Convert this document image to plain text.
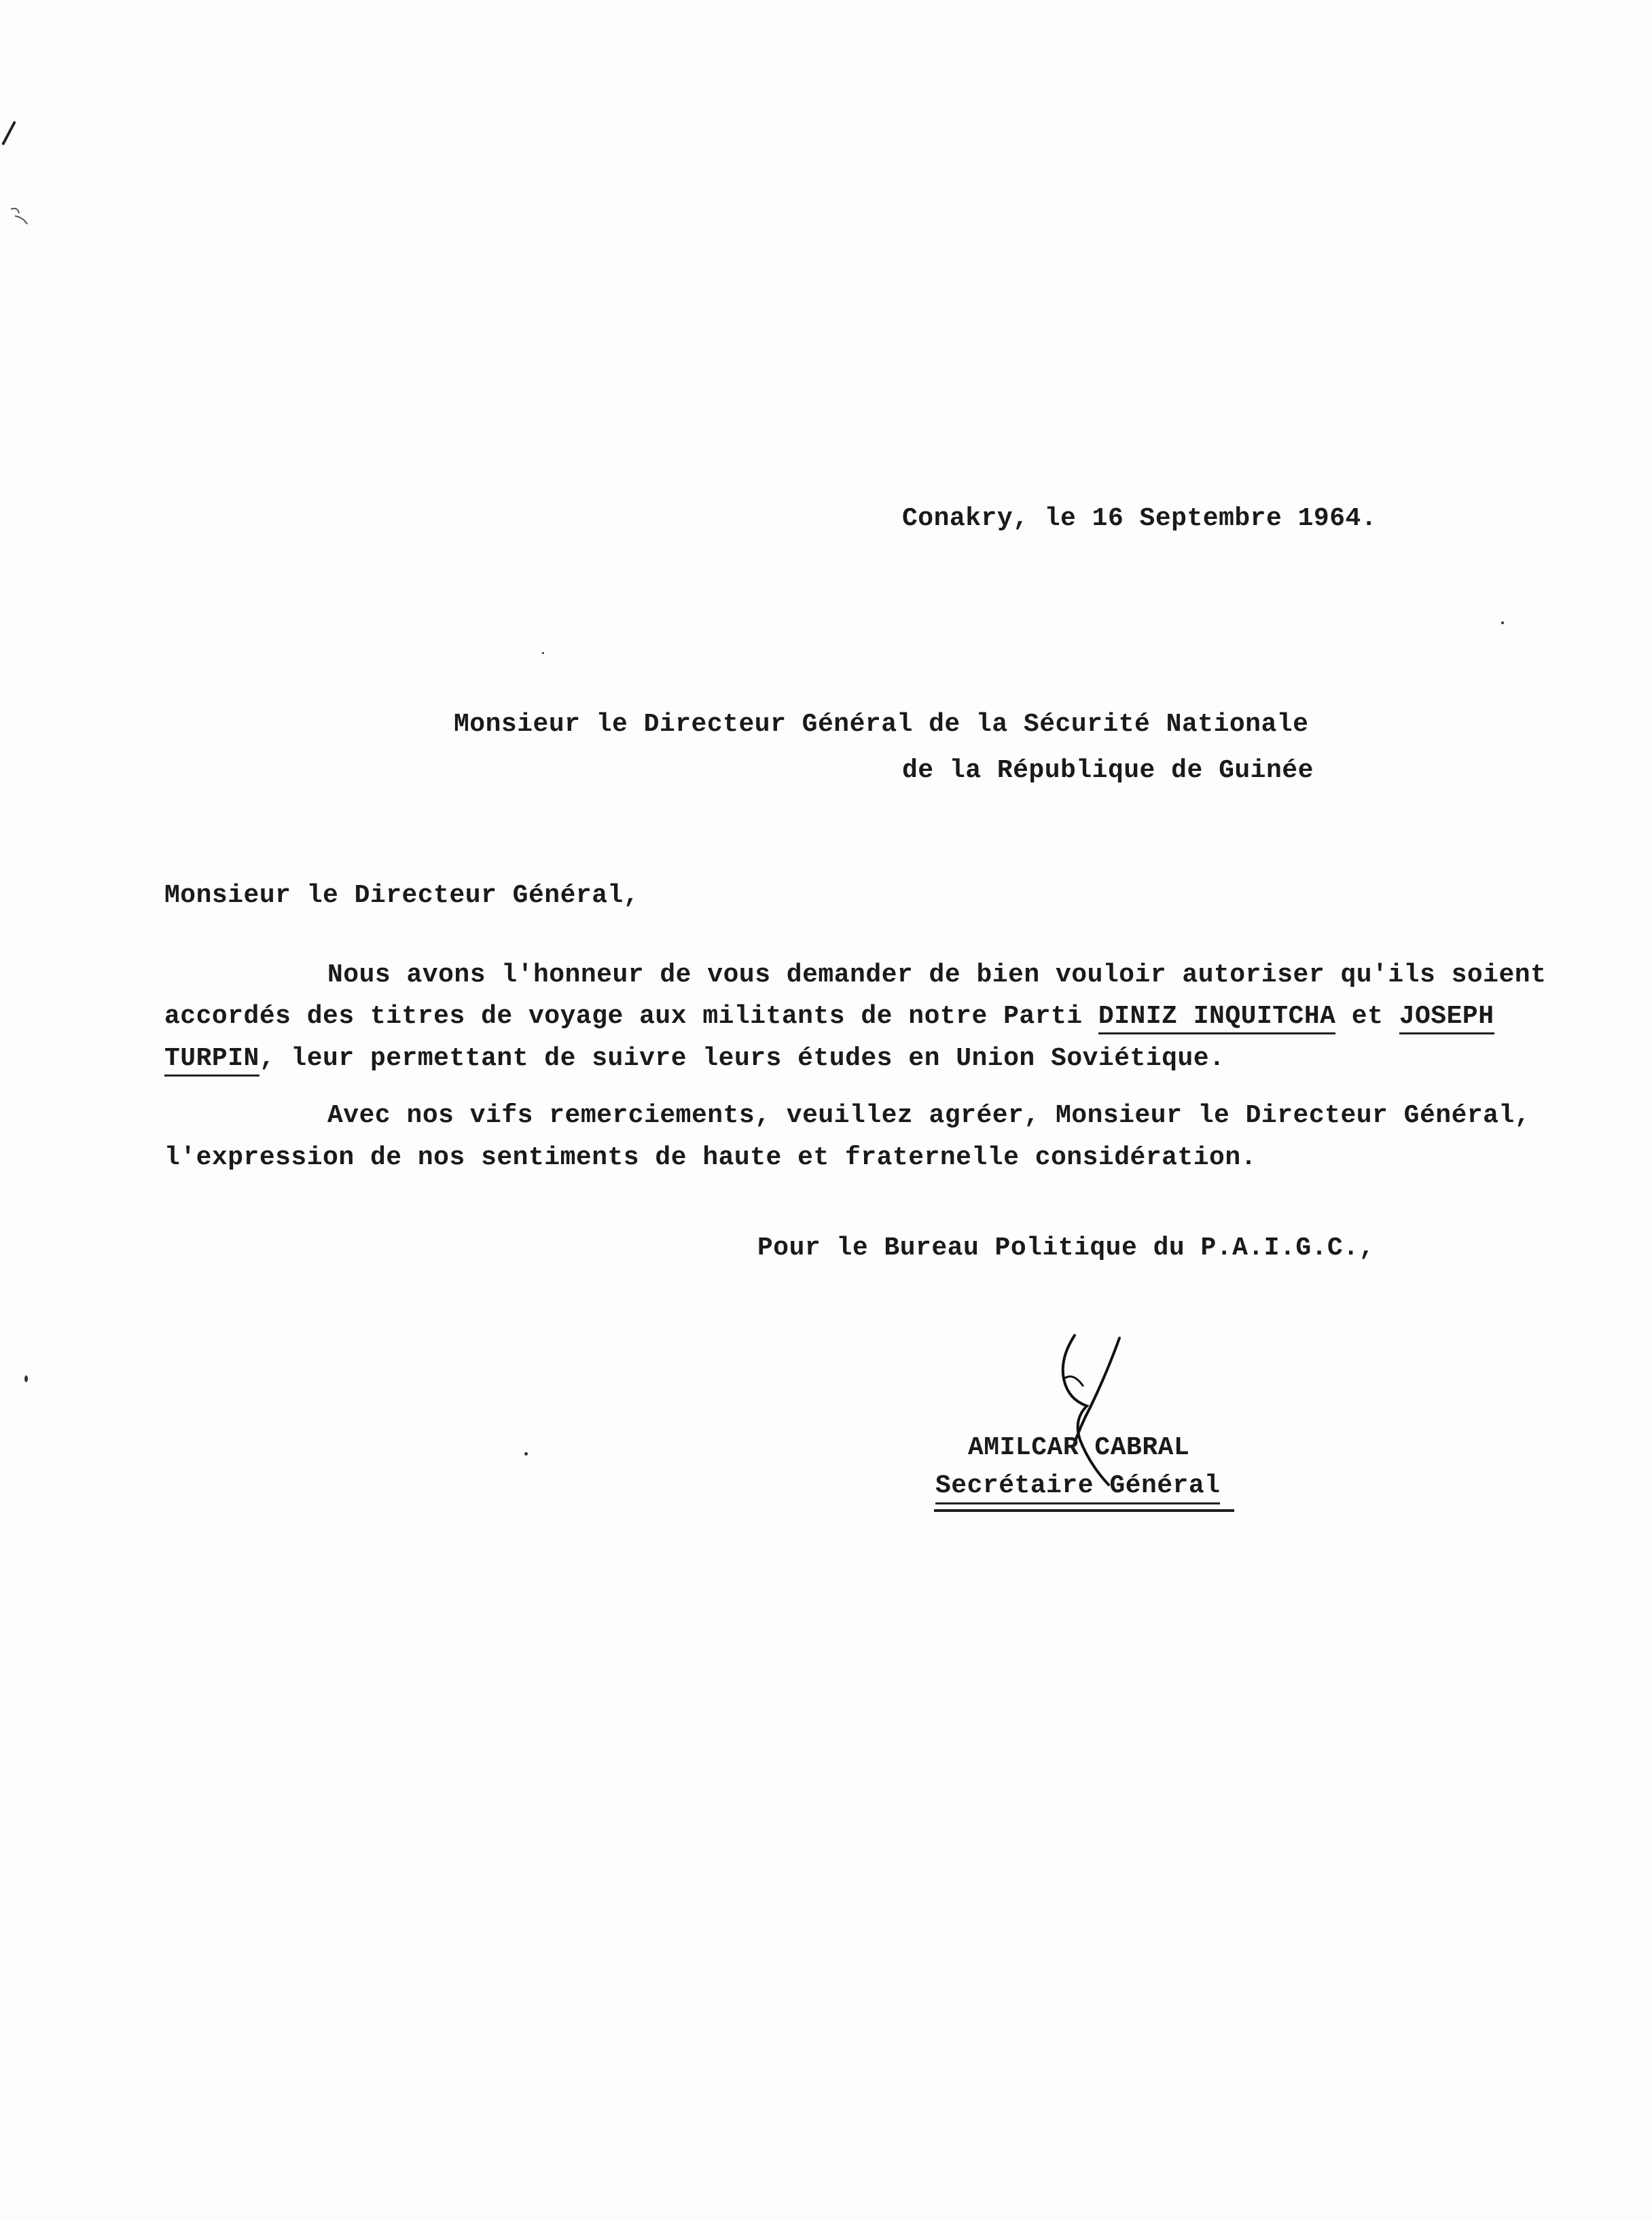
Conakry, le 16 Septembre 1964.
Monsieur le Directeur Général de la Sécurité Nationale
de la République de Guinée
Monsieur le Directeur Général,
Nous avons l'honneur de vous demander de bien vouloir autoriser qu'ils soient
accordés des titres de voyage aux militants de notre Parti DINIZ INQUITCHA et JOSEPH
TURPIN, leur permettant de suivre leurs études en Union Soviétique.
Avec nos vifs remerciements, veuillez agréer, Monsieur le Directeur Général,
l'expression de nos sentiments de haute et fraternelle considération.
Pour le Bureau Politique du P.A.I.G.C.,
AMILCAR CABRAL
Secrétaire Général
